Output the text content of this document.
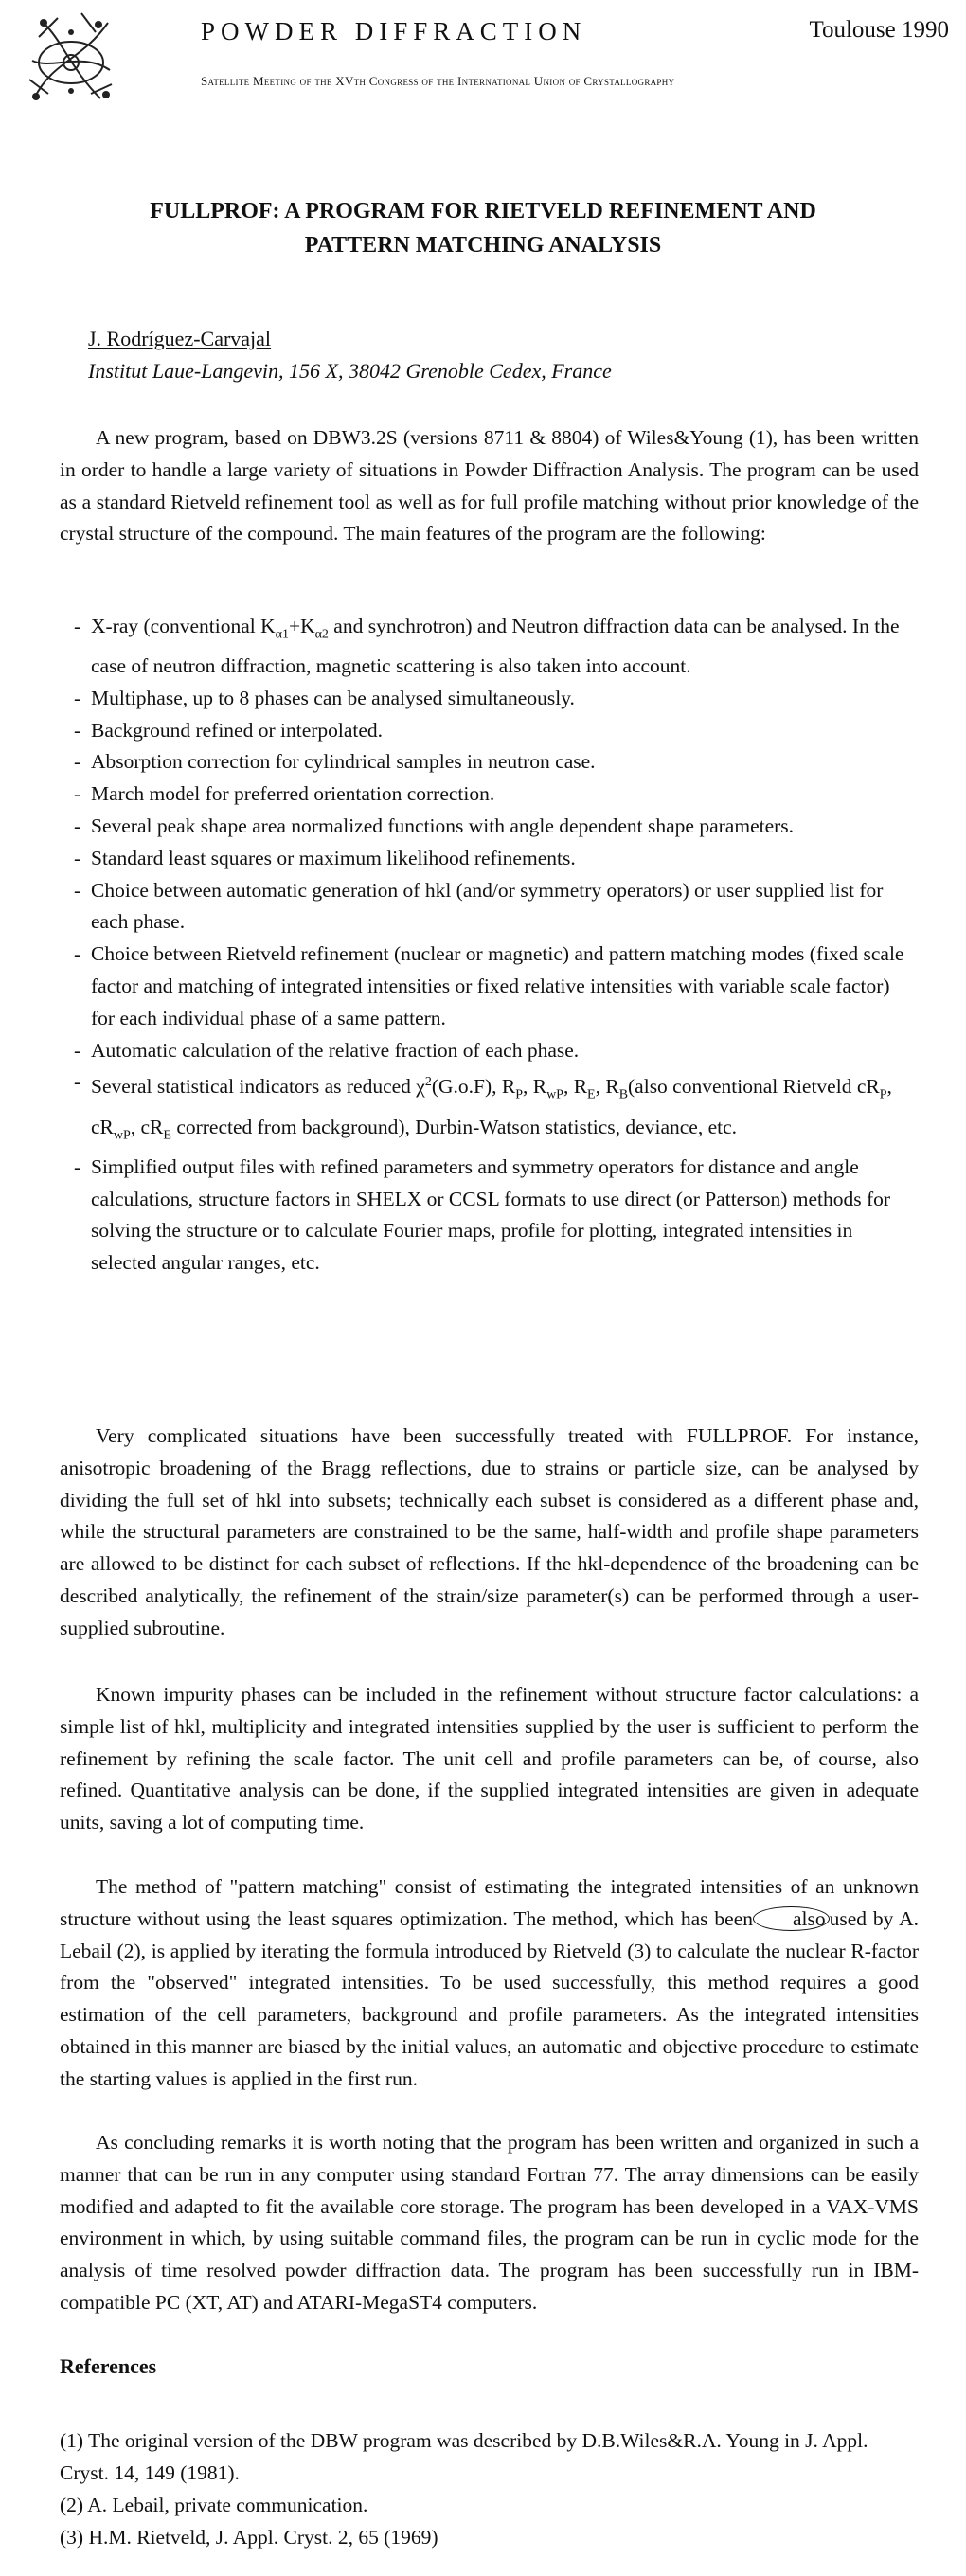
POWDER DIFFRACTION	Toulouse 1990
Satellite Meeting of the XVth Congress of the International Union of Crystallography
FULLPROF: A PROGRAM FOR RIETVELD REFINEMENT AND
PATTERN MATCHING ANALYSIS
J. Rodríguez-Carvajal
Institut Laue-Langevin, 156 X, 38042 Grenoble Cedex, France

A new program, based on DBW3.2S (versions 8711 & 8804) of Wiles&Young (1), has been written in order to handle a large variety of situations in Powder Diffraction Analysis. The program can be used as a standard Rietveld refinement tool as well as for full profile matching without prior knowledge of the crystal structure of the compound. The main features of the program are the following:

- X-ray (conventional $K_{\alpha 1}+K_{\alpha 2}$ and synchrotron) and Neutron diffraction data can be analysed. In the case of neutron diffraction, magnetic scattering is also taken into account.
- Multiphase, up to 8 phases can be analysed simultaneously.
- Background refined or interpolated.
- Absorption correction for cylindrical samples in neutron case.
- March model for preferred orientation correction.
- Several peak shape area normalized functions with angle dependent shape parameters.
- Standard least squares or maximum likelihood refinements.
- Choice between automatic generation of hkl (and/or symmetry operators) or user supplied list for each phase.
- Choice between Rietveld refinement (nuclear or magnetic) and pattern matching modes (fixed scale factor and matching of integrated intensities or fixed relative intensities with variable scale factor) for each individual phase of a same pattern.
- Automatic calculation of the relative fraction of each phase.
- Several statistical indicators as reduced $\chi^2(G.o.F)$, $R_P$, $R_{wP}$, $R_E$, $R_B(also$ conventional Rietveld $cR_P$, $cR_{wP}$, $cR_E$ corrected from background), Durbin-Watson statistics, deviance, etc.
- Simplified output files with refined parameters and symmetry operators for distance and angle calculations, structure factors in SHELX or CCSL formats to use direct (or Patterson) methods for solving the structure or to calculate Fourier maps, profile for plotting, integrated intensities in selected angular ranges, etc.

Very complicated situations have been successfully treated with FULLPROF. For instance, anisotropic broadening of the Bragg reflections, due to strains or particle size, can be analysed by dividing the full set of hkl into subsets; technically each subset is considered as a different phase and, while the structural parameters are constrained to be the same, half-width and profile shape parameters are allowed to be distinct for each subset of reflections. If the hkl-dependence of the broadening can be described analytically, the refinement of the strain/size parameter(s) can be performed through a user-supplied subroutine.

Known impurity phases can be included in the refinement without structure factor calculations: a simple list of hkl, multiplicity and integrated intensities supplied by the user is sufficient to perform the refinement by refining the scale factor. The unit cell and profile parameters can be, of course, also refined. Quantitative analysis can be done, if the supplied integrated intensities are given in adequate units, saving a lot of computing time.

The method of "pattern matching" consist of estimating the integrated intensities of an unknown structure without using the least squares optimization. The method, which has been also used by A. Lebail (2), is applied by iterating the formula introduced by Rietveld (3) to calculate the nuclear R-factor from the "observed" integrated intensities. To be used successfully, this method requires a good estimation of the cell parameters, background and profile parameters. As the integrated intensities obtained in this manner are biased by the initial values, an automatic and objective procedure to estimate the starting values is applied in the first run.

As concluding remarks it is worth noting that the program has been written and organized in such a manner that can be run in any computer using standard Fortran 77. The array dimensions can be easily modified and adapted to fit the available core storage. The program has been developed in a VAX-VMS environment in which, by using suitable command files, the program can be run in cyclic mode for the analysis of time resolved powder diffraction data. The program has been successfully run in IBM-compatible PC (XT, AT) and ATARI-MegaST4 computers.

References
(1) The original version of the DBW program was described by D.B.Wiles&R.A. Young in J. Appl. Cryst. 14, 149 (1981).
(2) A. Lebail, private communication.
(3) H.M. Rietveld, J. Appl. Cryst. 2, 65 (1969)
